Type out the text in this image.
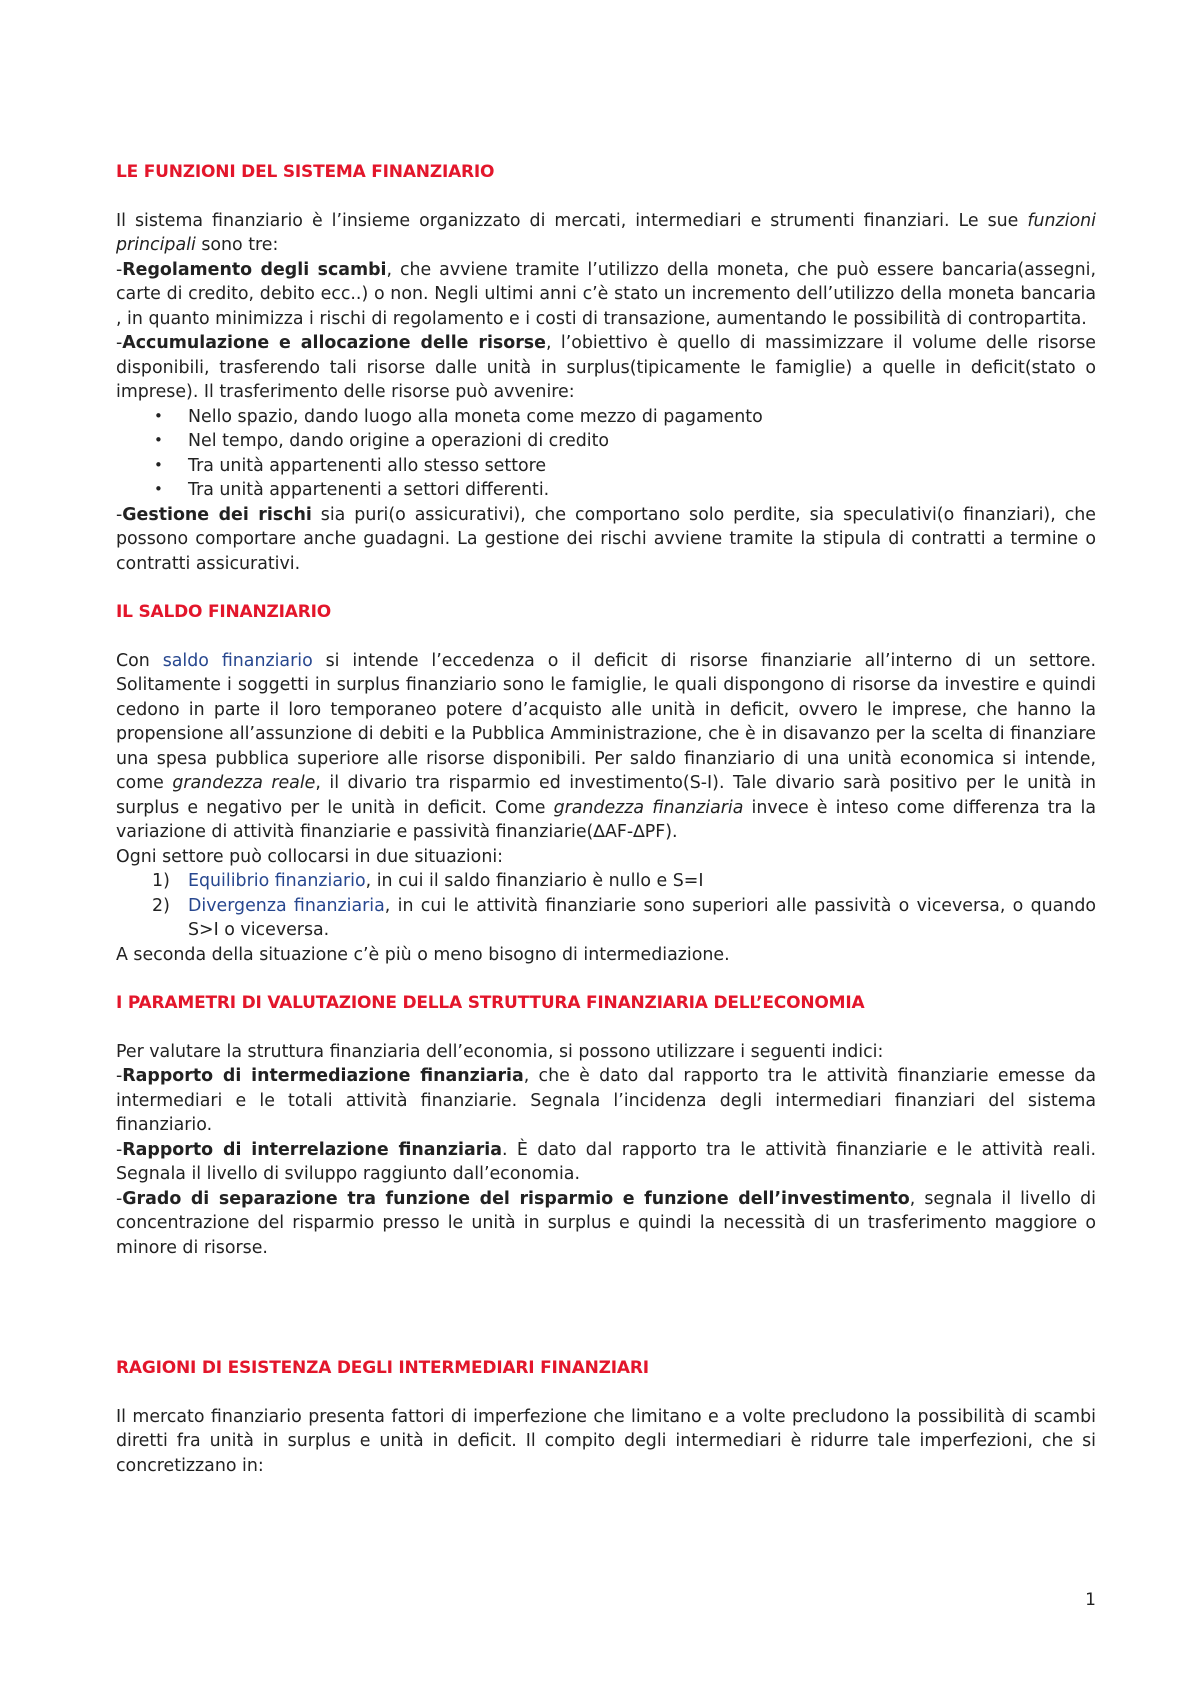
LE FUNZIONI DEL SISTEMA FINANZIARIO

Il sistema finanziario è l’insieme organizzato di mercati, intermediari e strumenti finanziari. Le sue funzioni principali sono tre:

-Regolamento degli scambi, che avviene tramite l’utilizzo della moneta, che può essere bancaria(assegni, carte di credito, debito ecc..) o non. Negli ultimi anni c’è stato un incremento dell’utilizzo della moneta bancaria , in quanto minimizza i rischi di regolamento e i costi di transazione, aumentando le possibilità di contropartita.

-Accumulazione e allocazione delle risorse, l’obiettivo è quello di massimizzare il volume delle risorse disponibili, trasferendo tali risorse dalle unità in surplus(tipicamente le famiglie) a quelle in deficit(stato o imprese). Il trasferimento delle risorse può avvenire:

• Nello spazio, dando luogo alla moneta come mezzo di pagamento
• Nel tempo, dando origine a operazioni di credito
• Tra unità appartenenti allo stesso settore
• Tra unità appartenenti a settori differenti.

-Gestione dei rischi sia puri(o assicurativi), che comportano solo perdite, sia speculativi(o finanziari), che possono comportare anche guadagni. La gestione dei rischi avviene tramite la stipula di contratti a termine o contratti assicurativi.

IL SALDO FINANZIARIO

Con saldo finanziario si intende l’eccedenza o il deficit di risorse finanziarie all’interno di un settore. Solitamente i soggetti in surplus finanziario sono le famiglie, le quali dispongono di risorse da investire e quindi cedono in parte il loro temporaneo potere d’acquisto alle unità in deficit, ovvero le imprese, che hanno la propensione all’assunzione di debiti e la Pubblica Amministrazione, che è in disavanzo per la scelta di finanziare una spesa pubblica superiore alle risorse disponibili. Per saldo finanziario di una unità economica si intende, come grandezza reale, il divario tra risparmio ed investimento(S-I). Tale divario sarà positivo per le unità in surplus e negativo per le unità in deficit. Come grandezza finanziaria invece è inteso come differenza tra la variazione di attività finanziarie e passività finanziarie(∆AF-∆PF).

Ogni settore può collocarsi in due situazioni:

1) Equilibrio finanziario, in cui il saldo finanziario è nullo e S=I
2) Divergenza finanziaria, in cui le attività finanziarie sono superiori alle passività o viceversa, o quando S>I o viceversa.

A seconda della situazione c’è più o meno bisogno di intermediazione.

I PARAMETRI DI VALUTAZIONE DELLA STRUTTURA FINANZIARIA DELL’ECONOMIA

Per valutare la struttura finanziaria dell’economia, si possono utilizzare i seguenti indici:

-Rapporto di intermediazione finanziaria, che è dato dal rapporto tra le attività finanziarie emesse da intermediari e le totali attività finanziarie. Segnala l’incidenza degli intermediari finanziari del sistema finanziario.

-Rapporto di interrelazione finanziaria. È dato dal rapporto tra le attività finanziarie e le attività reali. Segnala il livello di sviluppo raggiunto dall’economia.

-Grado di separazione tra funzione del risparmio e funzione dell’investimento, segnala il livello di concentrazione del risparmio presso le unità in surplus e quindi la necessità di un trasferimento maggiore o minore di risorse.

RAGIONI DI ESISTENZA DEGLI INTERMEDIARI FINANZIARI

Il mercato finanziario presenta fattori di imperfezione che limitano e a volte precludono la possibilità di scambi diretti fra unità in surplus e unità in deficit. Il compito degli intermediari è ridurre tale imperfezioni, che si concretizzano in:

1
